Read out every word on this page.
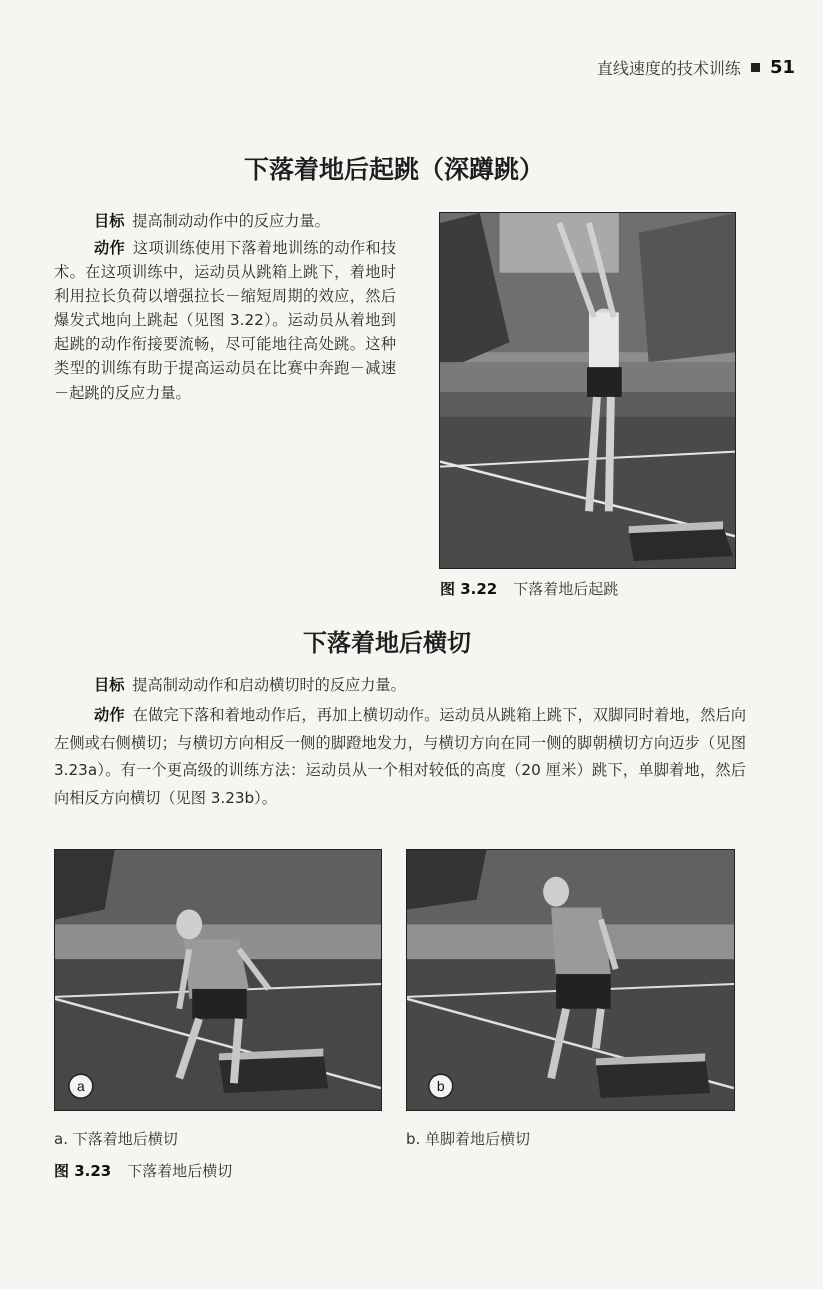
直线速度的技术训练 51
下落着地后起跳（深蹲跳）
目标 提高制动动作中的反应力量。
动作 这项训练使用下落着地训练的动作和技术。在这项训练中，运动员从跳箱上跳下，着地时利用拉长负荷以增强拉长－缩短周期的效应，然后爆发式地向上跳起（见图 3.22）。运动员从着地到起跳的动作衔接要流畅，尽可能地往高处跳。这种类型的训练有助于提高运动员在比赛中奔跑－减速－起跳的反应力量。
图 3.22 下落着地后起跳
下落着地后横切
目标 提高制动动作和启动横切时的反应力量。
动作 在做完下落和着地动作后，再加上横切动作。运动员从跳箱上跳下，双脚同时着地，然后向左侧或右侧横切；与横切方向相反一侧的脚蹬地发力，与横切方向在同一侧的脚朝横切方向迈步（见图 3.23a）。有一个更高级的训练方法：运动员从一个相对较低的高度（20 厘米）跳下，单脚着地，然后向相反方向横切（见图 3.23b）。
a	b
a. 下落着地后横切	b. 单脚着地后横切
图 3.23 下落着地后横切
